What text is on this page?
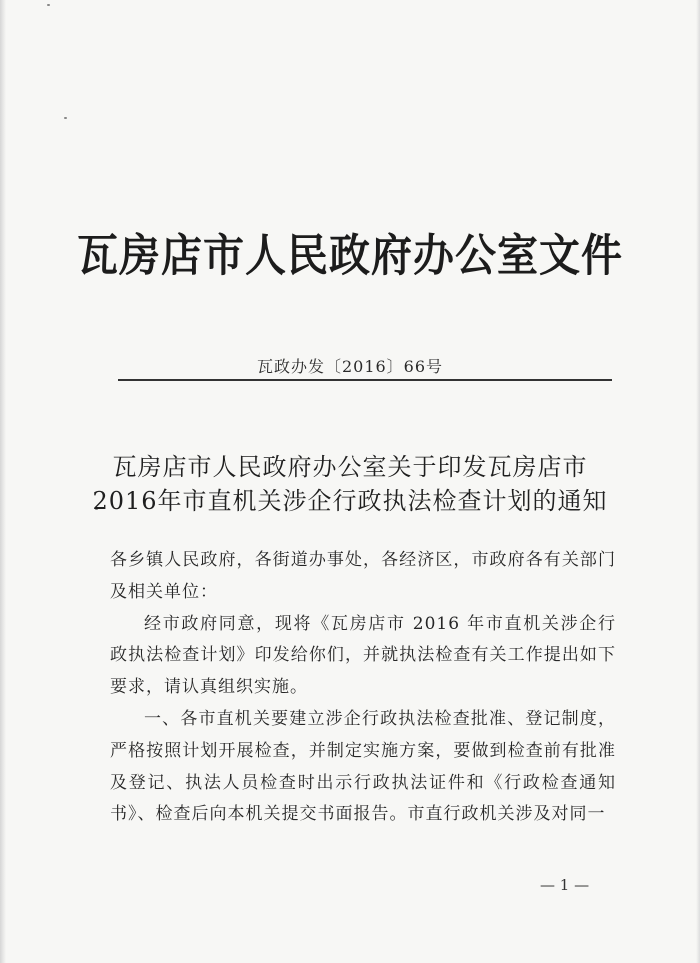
瓦房店市人民政府办公室文件
瓦政办发〔2016〕66号
瓦房店市人民政府办公室关于印发瓦房店市
2016年市直机关涉企行政执法检查计划的通知

各乡镇人民政府，各街道办事处，各经济区，市政府各有关部门及相关单位：

经市政府同意，现将《瓦房店市 2016 年市直机关涉企行政执法检查计划》印发给你们，并就执法检查有关工作提出如下要求，请认真组织实施。

一、各市直机关要建立涉企行政执法检查批准、登记制度，严格按照计划开展检查，并制定实施方案，要做到检查前有批准及登记、执法人员检查时出示行政执法证件和《行政检查通知书》、检查后向本机关提交书面报告。市直行政机关涉及对同一

— 1 —
